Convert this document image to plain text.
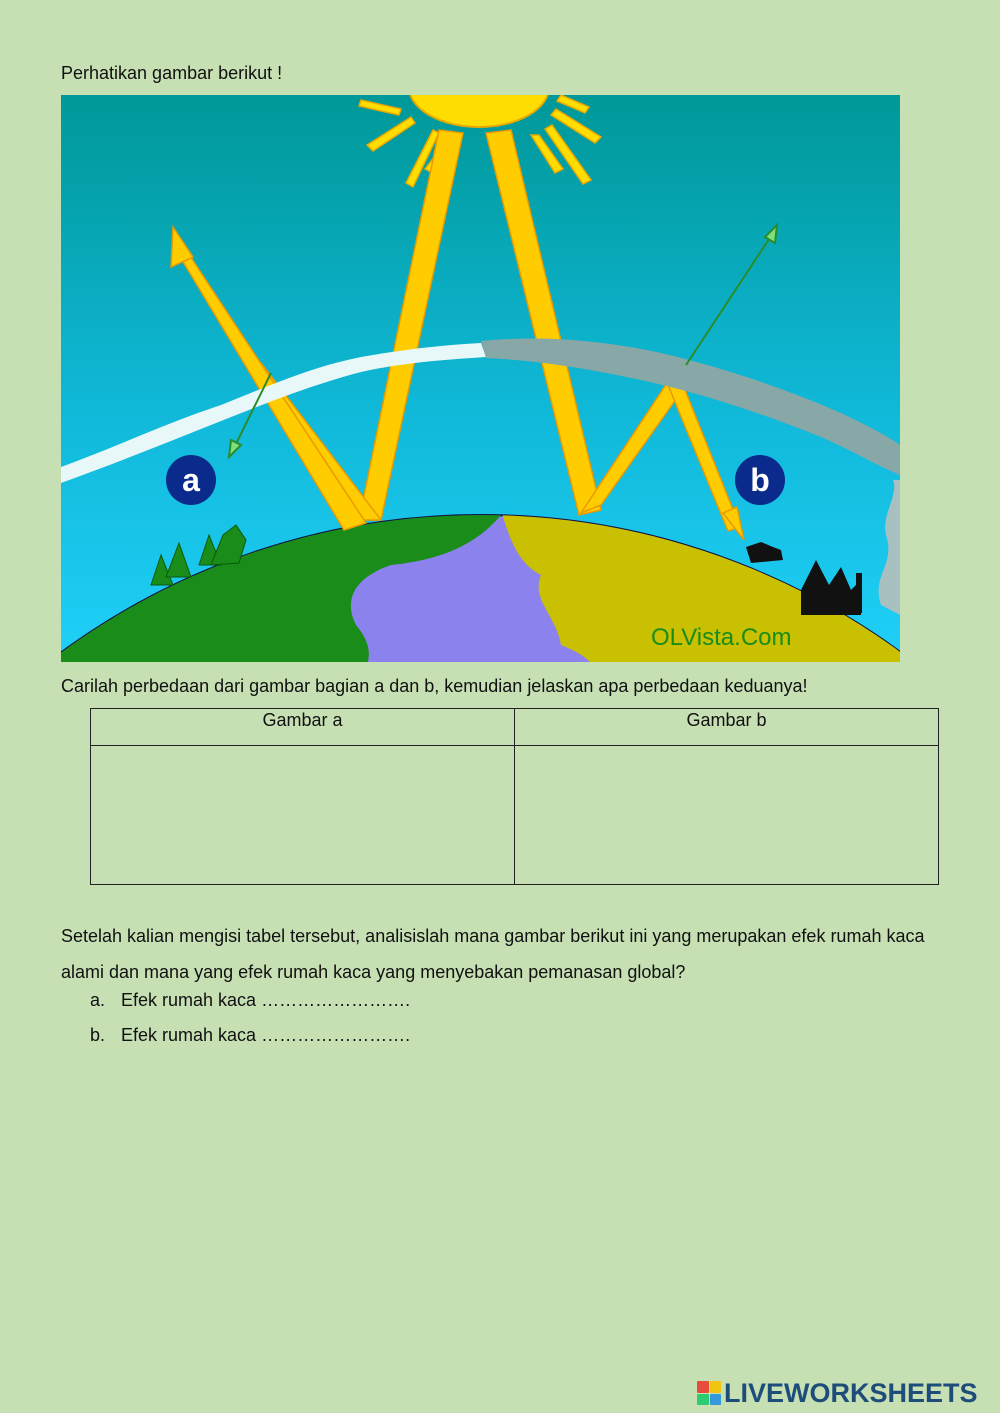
Perhatikan gambar berikut !
a	b
OLVista.Com
Carilah perbedaan dari gambar bagian a dan b, kemudian jelaskan apa perbedaan keduanya!
Gambar a	Gambar b

Setelah kalian mengisi tabel tersebut, analisislah mana gambar berikut ini yang merupakan efek rumah kaca alami dan mana yang efek rumah kaca yang menyebakan pemanasan global?
a. Efek rumah kaca …………………….
b. Efek rumah kaca …………………….
LIVEWORKSHEETS
